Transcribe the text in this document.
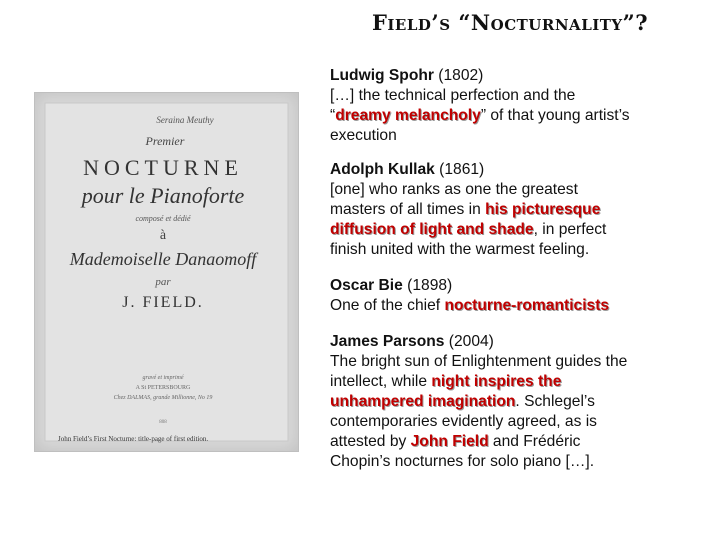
Field’s “Nocturnality”?
Seraina Meuthy
Premier
NOCTURNE
pour le Pianoforte
composé et dédié
à
Mademoiselle Danaomoff
par
J. FIELD.
gravé et imprimé
A St PETERSBOURG
Chez DALMAS, grande Millionne, No 19
808
John Field’s First Nocturne: title-page of first edition.
Ludwig Spohr (1802)
[…] the technical perfection and the
“dreamy melancholy” of that young artist’s
execution
Adolph Kullak (1861)
[one] who ranks as one the greatest
masters of all times in his picturesque
diffusion of light and shade, in perfect
finish united with the warmest feeling.
Oscar Bie (1898)
One of the chief nocturne-romanticists
James Parsons (2004)
The bright sun of Enlightenment guides the
intellect, while night inspires the
unhampered imagination. Schlegel’s
contemporaries evidently agreed, as is
attested by John Field and Frédéric
Chopin’s nocturnes for solo piano […].
